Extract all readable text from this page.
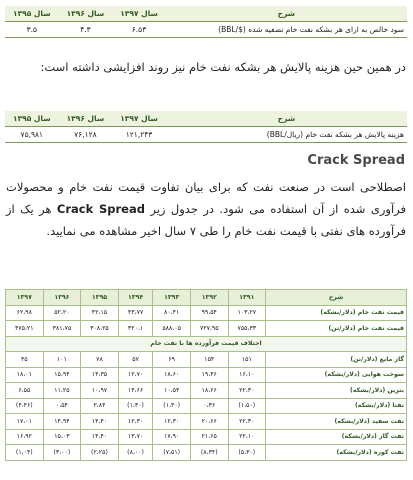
شرح	سال ۱۳۹۷	سال ۱۳۹۶	سال ۱۳۹۵
سود خالص به ازای هر بشکه نفت خام تصفیه شده ($/BBL)	۶.۵۳	۴.۳	۳.۵
در همین حین هزینه پالایش هر بشکه نفت خام نیز روند افزایشی داشته است:
شرح	سال ۱۳۹۷	سال ۱۳۹۶	سال ۱۳۹۵
هزینه پالایش هر بشکه نفت خام (ریال/BBL)	۱۲۱,۲۴۳	۷۶,۱۲۸	۷۵,۹۸۱
Crack Spread
اصطلاحی است در صنعت نفت که برای بیان تفاوت قیمت نفت خام و محصولات فرآوری شده از آن استفاده می شود. در جدول زیر Crack Spread هر یک از فرآورده های نفتی با قیمت نفت خام را طی ۷ سال اخیر مشاهده می نمایید.
شرح	۱۳۹۱	۱۳۹۲	۱۳۹۳	۱۳۹۴	۱۳۹۵	۱۳۹۶	۱۳۹۷
قیمت نفت خام (دلار/بشکه)	۱۰۳،۲۷	۹۹،۵۴	۸۰،۴۱	۴۳،۷۷	۴۲،۱۵	۵۲،۲۰	۶۲،۹۸
قیمت نفت خام (دلار/تن)	۷۵۵،۳۳	۷۲۷،۹۵	۵۸۸،۰۵	۳۲۰،۱	۳۰۸،۲۵	۳۸۱،۷۵	۴۷۵،۲۱
اختلاف قیمت فرآورده ها با نفت خام							
گاز مایع (دلار/تن)	۱۵۱	۱۵۴	۶۹	۵۷	۷۸	۱۰۱	۴۵
سوخت هوایی (دلار/بشکه)	۱۶،۱۰	۱۹،۴۶	۱۸،۶۰	۱۲،۷۰	۱۴،۳۵	۱۵،۹۴	۱۸،۰۱
بنزین (دلار/بشکه)	۲۲،۳۰	۱۸،۶۶	۱۰،۵۴	۱۴،۶۶	۱۰،۹۷	۱۱،۲۵	۶،۵۵
نفتا (دلار/بشکه)	(۱،۵۰)	۰،۳۶	(۱،۳۰)	(۱،۳۰)	۲،۸۴	۰،۵۴	(۴،۴۶)
نفت سفید (دلار/بشکه)	۲۲،۳۰	۲۰،۶۶	۱۲،۳۰	۱۲،۳۰	۱۴،۴۰	۱۴،۹۴	۱۷،۰۱
نفت گاز (دلار/بشکه)	۲۲،۱۰	۲۱،۶۵	۱۷،۹۰	۱۳،۷۰	۱۴،۴۰	۱۵،۰۳	۱۶،۹۲
نفت کوره (دلار/بشکه)	(۵،۳۰)	(۸،۳۴)	(۷،۵۱)	(۸،۰۰)	(۲،۲۵)	(۳،۰۰)	(۱،۰۴)
